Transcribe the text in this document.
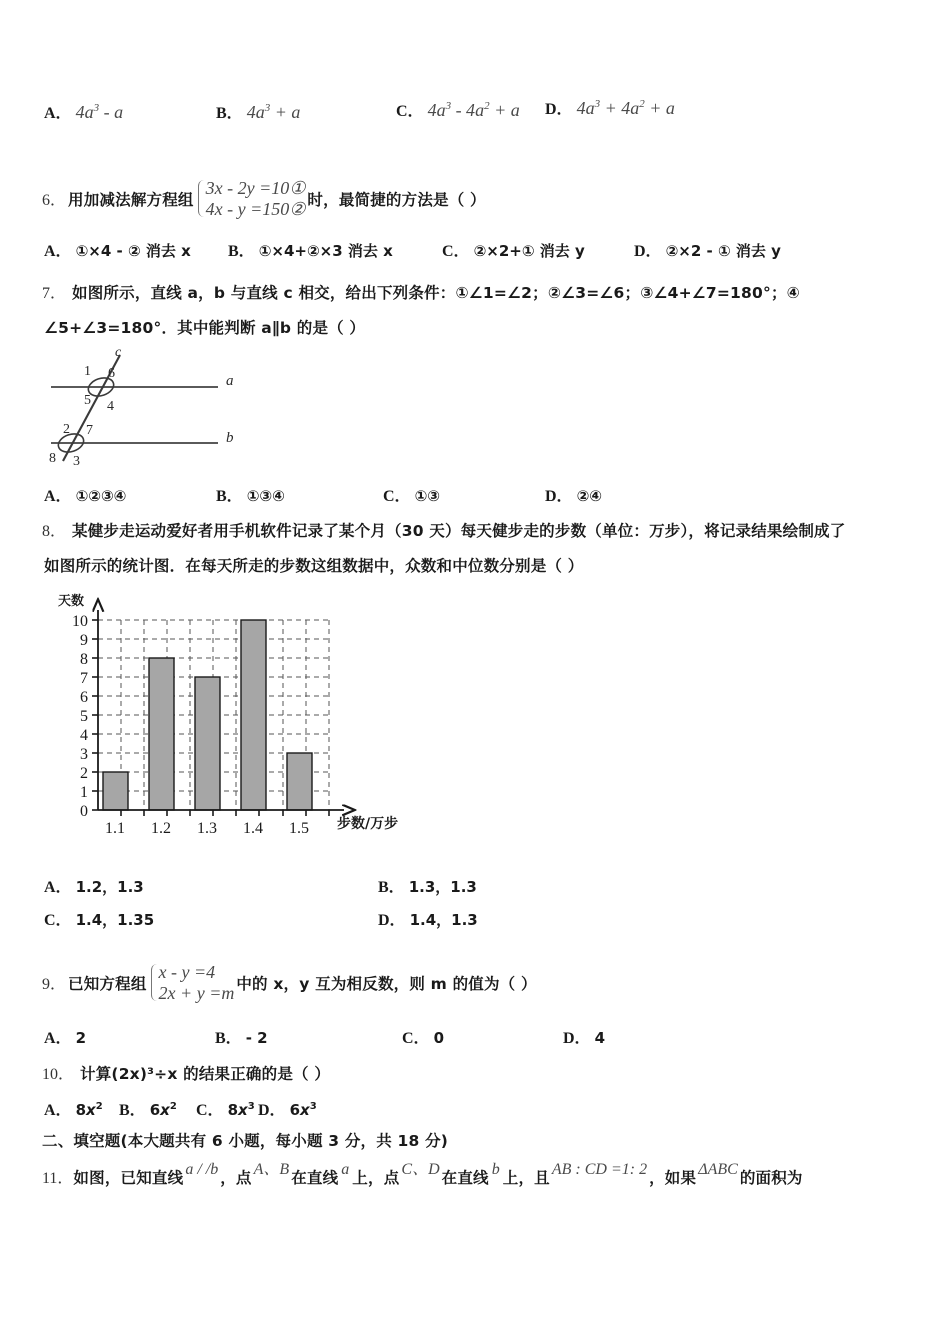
A． $4a^3$ - a	B． $4a^3 + a$	C． $4a^3 - 4a^2 + a$ D． $4a^3 + 4a^2 + a$
6． 用加减法解方程组
3x - 2y =10①
4x - y =150② 时，最简捷的方法是（ ）
A． ①×4 - ② 消去 x B． ①×4+②×3 消去 x	C． ②×2+① 消去 y	D． ②×2 - ① 消去 y
7． 如图所示，直线 a，b 与直线 c 相交，给出下列条件：①∠1=∠2；②∠3=∠6；③∠4+∠7=180°；④
∠5+∠3=180°．其中能判断 a∥b 的是（ ）
a
b
c
1 6
5 4
2 7
8 3
A． ①②③④	B． ①③④	C． ①③	D． ②④
8． 某健步走运动爱好者用手机软件记录了某个月（30 天）每天健步走的步数（单位：万步），将记录结果绘制成了
如图所示的统计图．在每天所走的步数这组数据中，众数和中位数分别是（ ）
天数
步数/万步
10
9
8
7
6
5
4
3
2
1
0
1.1 1.2 1.3 1.4 1.5
A． 1.2，1.3	B． 1.3，1.3
C． 1.4，1.35	D． 1.4，1.3
9． 已知方程组
x - y =4
2x + y =m 中的 x，y 互为相反数，则 m 的值为（ ）
A． 2	B． - 2	C． 0	D． 4
10． 计算(2x)³÷x 的结果正确的是（ ）
A． $8x^2$ B． $6x^2$ C． $8x^3$ D． $6x^3$
二、填空题(本大题共有 6 小题，每小题 3 分，共 18 分)
11． 如图，已知直线 a / /b ，点 A、B 在直线 a 上，点 C、D 在直线 b 上，且 AB : CD =1: 2 ，如果 ΔABC 的面积为
